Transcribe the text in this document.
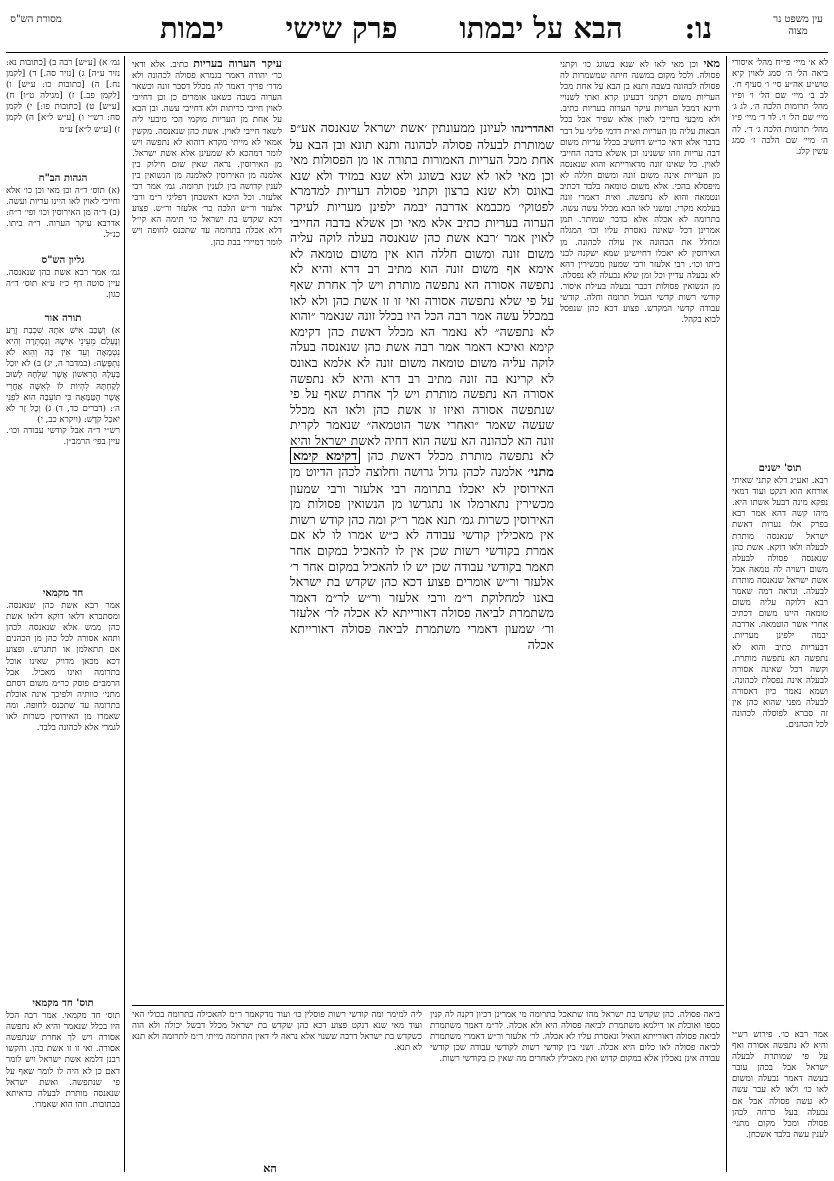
עין משפט נר מצוה
נו:
הבא על יבמתו
פרק שישי
יבמות
מסורת הש"ס
לא א׳ מיי׳ פי״ח מהל׳ איסורי ביאה הל׳ ה׳ סמג לאוין קיא טוש״ע אה״ע סי׳ ו׳ סעיף ח׳. לב ב׳ מיי׳ שם הל׳ ו׳ ופ״ו מהל׳ תרומות הלכה ה׳. לג ג׳ מיי׳ שם הל׳ ו׳. לד ד׳ מיי׳ פ״ו מהל׳ תרומות הלכה ג׳ ד׳. לה ה׳ מיי׳ שם הלכה ז׳ סמג עשין קלג.
תוס' ישנים
רבא. ואע״ג דלא קתני שאיתי אורחא הוא דנקט ועוד דמאי נפקא מינה דבעל אשתו היא. מיהו קשה דהא אמר רבא בפרק אלו נערות דאשת ישראל שנאנסה מותרת לבעלה ולאו דוקא. אשת כהן שנאנסה פסולה לבעלה משום דשויה לה טמאה אבל אשת ישראל שנאנסה מותרת לבעלה. ונראה דמה שאמר רבא דלוקה עליה משום טומאה היינו משום דכתיב אחרי אשר הוטמאה. אדרבה יבמה ילפינן מעריות. דבעריות כתיב והוא לא נתפשה הא נתפשה מותרת. וקשה דכל שאינה אסורה לבעלה אינה נפסלת לכהונה. ושמא נאמר כיון דאסורה לבעלה מפני שהוא כהן אין זה סברא לפוסלה לכהונה לכל הכהנים.
אמר רבא כו׳. פירוש רש״י והיא לא נתפשה אסורה ואף על פי שמותרת לבעלה ישראל אבל בכהן עובר בעשה דאמר נבעלה ומשום לאו כו׳ ולאו לא עבר עשה לא עשה פסולה אבל אם נבעלה בעל כרחה לכהן פסולה ומכל מקום מתני׳ לענין עשה בלבד אשכחן.
מאי וכן מאי לאו לא שנא בשוגג כו׳ וקתני פסולה. ולכל מקום במשנה חיתה שמשמרות לה פסולה לכהונה בשבה ותנא בן הבא על אחת מכל העריות משום דקתני דבעינן קרא ואתי לשנויי ודינא דמכל העריות עיקר הערוה בעריות כתיב. ולא מיבעי בחייבי לאוין אלא שפיר אבל בכל הבאות עליה מן העריות וא״ת דדמי פליגי על דבר בדבר אלא ודאי כר״ש דחשיב בכלל עריות משום דבה עריות וזהו ששנינו וכן אשלא בדבה החייבי לאוין. כל שאינו זונה מדאורייתא והוא שנאנסה מן העריות אינה משום זונה ומשום חללה לא מיפסלא בהכי. אלא משום טומאה בלבד דכתיב ונטמאה והוא לא נתפשה. ואית דאמרי זונה בעלמא מקרי. ומשני לאו הבא מכלל עשה עשה. בתרומה לא אכלה אלא בדבר שמותר. תמן אמרינן דכל שאינה נאסרת עליו וכו׳ המגלה ומחלל את הכהונה אין עולה לכהונה. מן האירוסין לא יאכלו דחיישינן שמא ישקנה לבני ביתו וכו׳. רבי אלעזר ורבי שמעון מכשירין דהא לא נבעלה עדיין וכל זמן שלא נבעלה לא נפסלה. מן הנשואין פסולות דכבר נבעלה בעילת איסור. קודשי רשות קדשי הגבול תרומה וחלה. קודשי עבודה קדשי המקדש. פצוע דכא כהן שנפסל לבוא בקהל.
עיקר הערוה בעריות כתיב. אלא ודאי כר׳ יהודה דאמר בגמרא פסולה לכהונה ולא מדר׳ פריך דאמר לה מכלל דסבר זונה וכשאר הערוה בשבה כשאנו אומרים כן וכן דחייבי לאוין חייבי כריתות ולא דחייבי עשה. ובן הבא על אחת מן העריות מוקמי הכי מיבעי ליה לשאר חייבי לאוין. אשת כהן שנאנסה. מקשין אמאי לא מייתי מקרא דוהוא לא נתפשה ויש לומר דמהכא לא שמעינן אלא אשת ישראל. מן האירוסין. נראה שאין שום חילוק בין אלמנה מן האירוסין לאלמנה מן הנשואין בין לענין קדושה בין לענין תרומה. גמ׳ אמר רבי אלעזר. וכל היכא דאשכחן דפליגי ר״מ ורבי אלעזר ור״ש הלכה כר׳ אלעזר ור״ש. פצוע דכא שקדש בת ישראל כו׳ תימה הא קי״ל דלא אכלה בתרומה עד שתכנס לחופה ויש לומר דמיירי בבת כהן.
ואהדרינהו לעיונן ממעונתין ׳אשת ישראל שנאנסה אע״פ שמותרת לבעלה פסולה לכהונה ותנא תונא ובן הבא על אחת מכל העריות האמורות בתורה או מן הפסולות מאי וכן מאי לאו לא שנא בשוגג ולא שנא במזיד ולא שנא באונס ולא שנא ברצון וקתני פסולה דעריות למדמרא לפטוקי׳ מכבמא אדרבה יבמה ילפינן מעריות לעיקר הערוה בעריות כתיב אלא מאי וכן אשלא בדבה החייבי לאוין אמר ׳רבא אשת כהן שנאנסה בעלה לוקה עליה משום זונה ומשום חללה הוא אין משום טומאה לא אימא אף משום זונה הוא מתיב רב דרא והיא לא נתפשה אסורה הא נתפשה מותרת ויש לך אחרת שאף על פי שלא נתפשה אסורה ואי זו זו אשת כהן ולא לאו במכלל עשה אמר רבה הכל היו בכלל זונה שנאמר ״והוא לא נתפשה״ לא נאמר הא מכלל דאשת כהן דקימא קימא ואיכא דאמר אמר רבה אשת כהן שנאנסה בעלה לוקה עליה משום טומאה משום זונה לא אלמא באונס לא קרינא בה זונה מתיב רב דרא והיא לא נתפשה אסורה הא נתפשה מותרת ויש לך אחרת שאף על פי שנתפשה אסורה ואיזו זו אשת כהן ולאו הא מכלל שעשה שאמר ״ואחרי אשר הוטמאה״ שנאמר לקרית זונה הא לכהונה הא עשה הוא דחיה לאשת ישראל והיא לא נתפשה מותרת מכלל דאשת כהן דקימא קימא מתני׳ אלמנה לכהן גדול גרושה וחלוצה לכהן הדיוט מן האירוסין לא יאכלו בתרומה רבי אלעזר ורבי שמעון מכשירין נתארמלו או נתגרשו מן הנשואין פסולות מן האירוסין כשרות גמ׳ תנא אמר ר״ק ומה כהן קודש רשות אין מאכילין קודשי עבודה לא כ״ש אמרו לו לא אם אמרת בקודשי רשות שכן אין לו להאכיל במקום אחר תאמר בקודשי עבודה שכן יש לו להאכיל במקום אחר ר׳ אלעזר ור״ש אומרים פצוע דכא כהן שקדש בת ישראל באנו למחלוקת ר״מ ורבי אלעזר ור״ש לר״מ דאמר משתמרת לביאה פסולה דאורייתא לא אכלה לר׳ אלעזר ור׳ שמעון דאמרי משתמרת לביאה פסולה דאורייתא אכלה
ליה למימר ומה קודשי רשות פוסלין כו׳ ועוד מדקאמר ר״מ להאכילה בתרומה בכולי האי ועוד מאי שנא דנקט פצוע דכא כהן שקדש בת ישראל מכלל דבשל יכולה ולא הוה כשקדש בת ישראל דרבה ששנוי אלא נראה לי דאין התרומה מייתי ר״מ לתרומה ולא תנא לא תנא.
ביאה פסולה. כהן שקדש בת ישראל מהו שתאכל בתרומה מי אמרינן דכיון דקנה לה קנין כספו ואוכלת או דילמא משתמרת לביאה פסולה היא ולא אכלה. לר״מ דאמר משתמרת לביאה פסולה דאורייתא הואיל ונאסרת עליו לא אכלה. לר׳ אלעזר ור״ש דאמרי משתמרת לביאה פסולה לאו כלום היא אכלה. ושני בין קודשי רשות לקודשי עבודה שכן קודשי עבודה אינן נאכלין אלא במקום קדוש ואין מאכילין לאחרים מה שאין כן בקודשי רשות.
הא
גמ׳ א) [ע״ש] רבה ב) [כתובות נא: נזיר ע״ה] ג) [נזיר סה.] ד) [לקמן נח.] ה) [כתובות כו: ע״ש] ו) [לקמן פב.] ז) [מגילה ט״ו] ח) [ע״ש] ט) [כתובות פו:] י) לקמן סח: רש״י ו) [ע״ש ל״א] ה) לקמן ז) [ע״ש ל״א] ע״מ
הגהות הב"ח
(א) תוס׳ ד״ה וכן מאי וכן כו׳ אלא וחייבי לאוין לאו היינו עריות ועשה. (ב) ד״ה מן האירוסין וכו׳ ופי׳ ר״ח: אדרבא עיקר הערוה. ד״ה ביתו. כנ״ל.
גליון הש"ס
גמ׳ אמר רבא אשת כהן שנאנסה. עיין סוטה דף כ״ז ע״א תוס׳ ד״ה כגון.
תורה אור
א) וְשָׁכַב אִישׁ אֹתָהּ שִׁכְבַת זֶרַע וְנֶעְלַם מֵעֵינֵי אִישָׁהּ וְנִסְתְּרָה וְהִיא נִטְמָאָה וְעֵד אֵין בָּהּ וְהִוא לֹא נִתְפָּשָׂה: (במדבר ה, יג) ב) לֹא יוּכַל בַּעְלָהּ הָרִאשׁוֹן אֲשֶׁר שִׁלְּחָהּ לָשׁוּב לְקַחְתָּהּ לִהְיוֹת לוֹ לְאִשָּׁה אַחֲרֵי אֲשֶׁר הֻטַּמָּאָה כִּי תוֹעֵבָה הִוא לִפְנֵי ה׳: (דברים כד, ד) ג) וְכָל זָר לֹא יֹאכַל קֹדֶשׁ: (ויקרא כב, י)
רש״י ד״ה אבל קודשי עבודה וכו׳. עיין בפי׳ הרמב״ן.
חד מקמאי
אמר רבא אשת כהן שנאנסה. ומסתברא דלאו דוקא דלאו אשת כהן ממש אלא שנאנסה לכהן ותהא אסורה לכל כהן מן הכהנים אם תתאלמן או תתגרש. ופצוע דכא מכאן מדויק שאינו אוכל בתרומה ואינו מאכיל. אבל הרמב״ם פוסק כר״מ משום דסתם מתני׳ כוותיה ולפיכך אינה אוכלת בתרומה עד שתכנס לחופה. ומה שאמרו מן האירוסין כשרות לאו לגמרי אלא לכהונה בלבד.
תוס' חד מקמאי
תוס׳ חד מקמאי. אמר רבה הכל היו בכלל שנאמר והיא לא נתפשה אסורה ויש לך אחרת שנתפשה אסורה. ואי זו זו אשת כהן. והקשו רבנן דלמא אשת ישראל ויש לומר דאם כן לא היה לו לומר שאף על פי שנתפשה. ואשת ישראל שנאנסה מותרת לבעלה כדאיתא בכתובות. וזהו הוא שאמרו.
